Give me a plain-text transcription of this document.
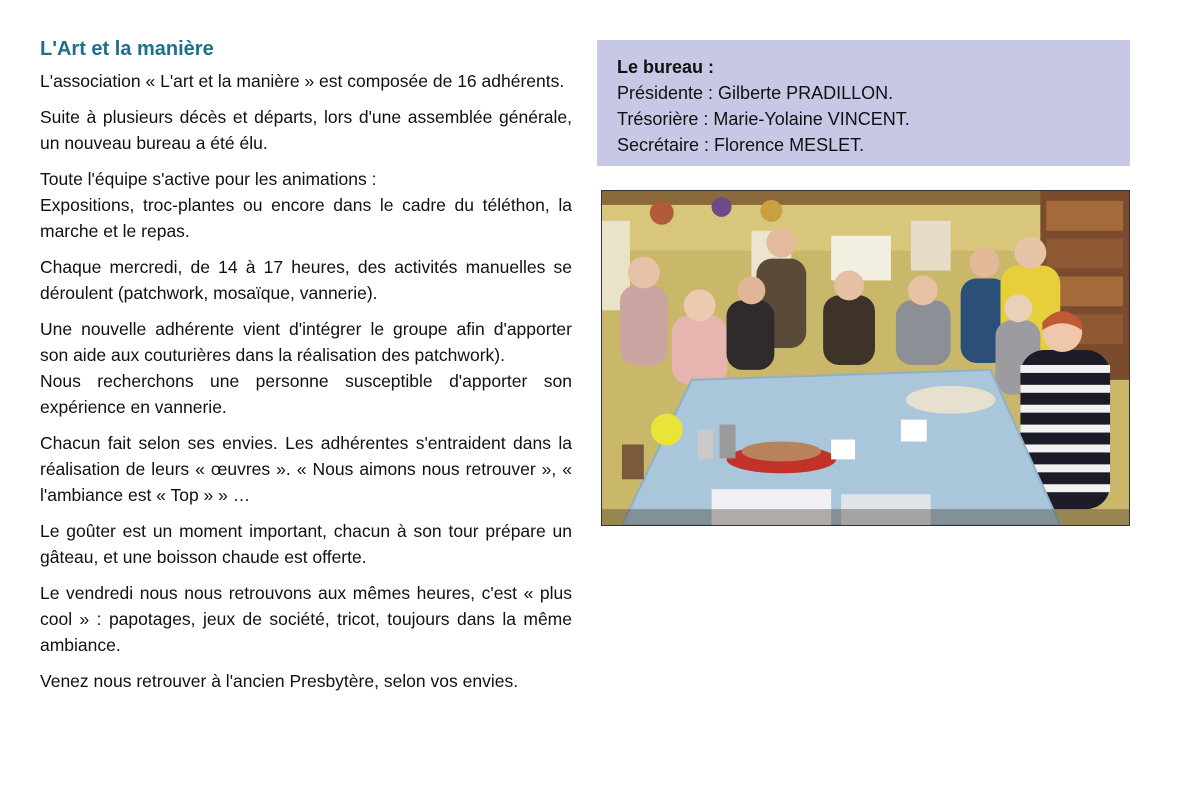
L'Art et la manière

L'association « L'art et la manière » est composée de 16 adhérents.

Suite à plusieurs décès et départs, lors d'une assemblée générale, un nouveau bureau a été élu.

Toute l'équipe s'active pour les animations :

Expositions, troc-plantes ou encore dans le cadre du téléthon, la marche et le repas.

Chaque mercredi, de 14 à 17 heures, des activités manuelles se déroulent (patchwork, mosaïque, vannerie).

Une nouvelle adhérente vient d'intégrer le groupe afin d'apporter son aide aux couturières dans la réalisation des patchwork).

Nous recherchons une personne susceptible d'apporter son expérience en vannerie.

Chacun fait selon ses envies. Les adhérentes s'entraident dans la réalisation de leurs « œuvres ». « Nous aimons nous retrouver », « l'ambiance est « Top » » …

Le goûter est un moment important, chacun à son tour prépare un gâteau, et une boisson chaude est offerte.

Le vendredi nous nous retrouvons aux mêmes heures, c'est « plus cool » : papotages, jeux de société, tricot, toujours dans la même ambiance.

Venez nous retrouver à l'ancien Presbytère, selon vos envies.

Le bureau :

Présidente : Gilberte PRADILLON.

Trésorière : Marie-Yolaine VINCENT.

Secrétaire : Florence MESLET.
